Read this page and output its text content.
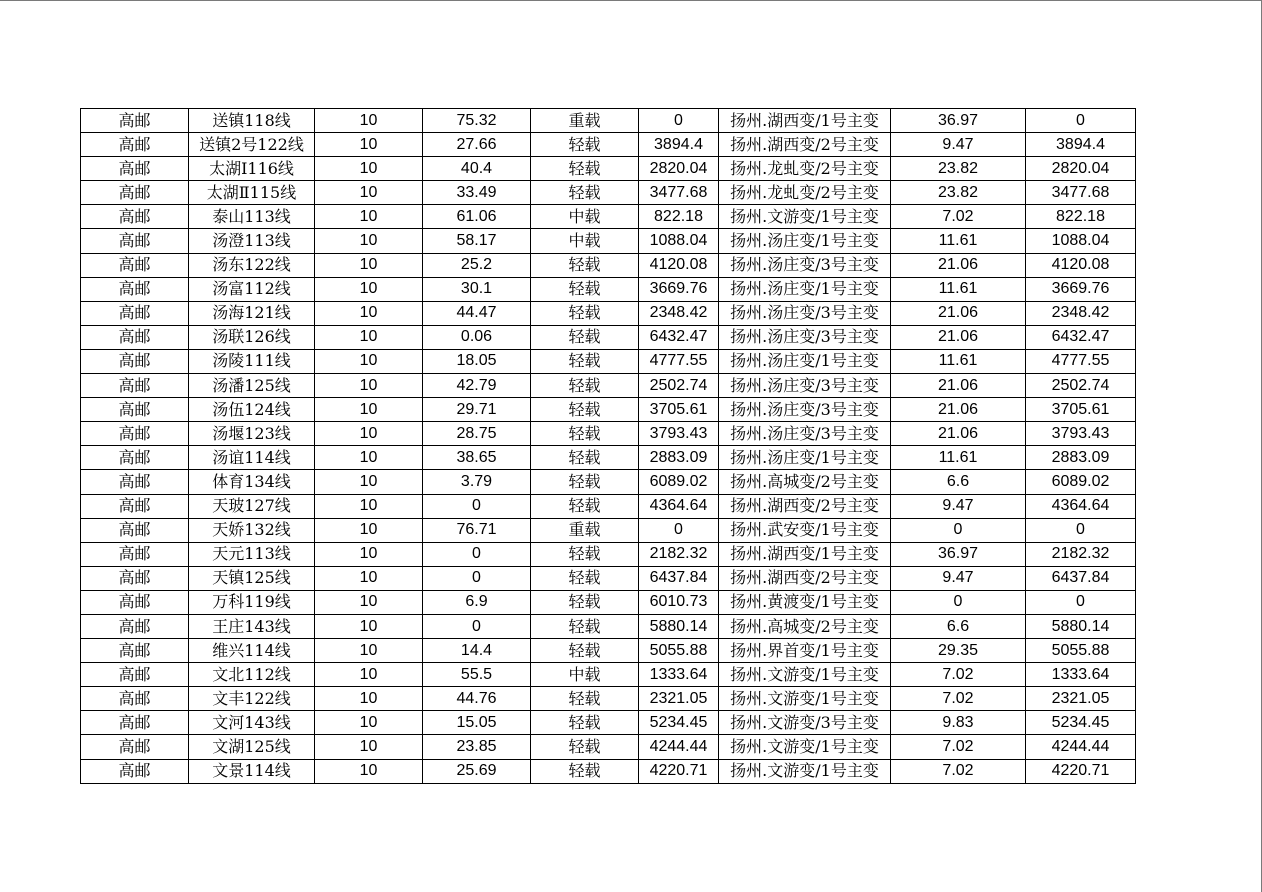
高邮	送镇118线	10	75.32	重载	0	扬州.湖西变/1号主变	36.97	0
高邮	送镇2号122线	10	27.66	轻载	3894.4	扬州.湖西变/2号主变	9.47	3894.4
高邮	太湖Ⅰ116线	10	40.4	轻载	2820.04	扬州.龙虬变/2号主变	23.82	2820.04
高邮	太湖Ⅱ115线	10	33.49	轻载	3477.68	扬州.龙虬变/2号主变	23.82	3477.68
高邮	泰山113线	10	61.06	中载	822.18	扬州.文游变/1号主变	7.02	822.18
高邮	汤澄113线	10	58.17	中载	1088.04	扬州.汤庄变/1号主变	11.61	1088.04
高邮	汤东122线	10	25.2	轻载	4120.08	扬州.汤庄变/3号主变	21.06	4120.08
高邮	汤富112线	10	30.1	轻载	3669.76	扬州.汤庄变/1号主变	11.61	3669.76
高邮	汤海121线	10	44.47	轻载	2348.42	扬州.汤庄变/3号主变	21.06	2348.42
高邮	汤联126线	10	0.06	轻载	6432.47	扬州.汤庄变/3号主变	21.06	6432.47
高邮	汤陵111线	10	18.05	轻载	4777.55	扬州.汤庄变/1号主变	11.61	4777.55
高邮	汤潘125线	10	42.79	轻载	2502.74	扬州.汤庄变/3号主变	21.06	2502.74
高邮	汤伍124线	10	29.71	轻载	3705.61	扬州.汤庄变/3号主变	21.06	3705.61
高邮	汤堰123线	10	28.75	轻载	3793.43	扬州.汤庄变/3号主变	21.06	3793.43
高邮	汤谊114线	10	38.65	轻载	2883.09	扬州.汤庄变/1号主变	11.61	2883.09
高邮	体育134线	10	3.79	轻载	6089.02	扬州.高城变/2号主变	6.6	6089.02
高邮	天玻127线	10	0	轻载	4364.64	扬州.湖西变/2号主变	9.47	4364.64
高邮	天娇132线	10	76.71	重载	0	扬州.武安变/1号主变	0	0
高邮	天元113线	10	0	轻载	2182.32	扬州.湖西变/1号主变	36.97	2182.32
高邮	天镇125线	10	0	轻载	6437.84	扬州.湖西变/2号主变	9.47	6437.84
高邮	万科119线	10	6.9	轻载	6010.73	扬州.黄渡变/1号主变	0	0
高邮	王庄143线	10	0	轻载	5880.14	扬州.高城变/2号主变	6.6	5880.14
高邮	维兴114线	10	14.4	轻载	5055.88	扬州.界首变/1号主变	29.35	5055.88
高邮	文北112线	10	55.5	中载	1333.64	扬州.文游变/1号主变	7.02	1333.64
高邮	文丰122线	10	44.76	轻载	2321.05	扬州.文游变/1号主变	7.02	2321.05
高邮	文河143线	10	15.05	轻载	5234.45	扬州.文游变/3号主变	9.83	5234.45
高邮	文湖125线	10	23.85	轻载	4244.44	扬州.文游变/1号主变	7.02	4244.44
高邮	文景114线	10	25.69	轻载	4220.71	扬州.文游变/1号主变	7.02	4220.71
